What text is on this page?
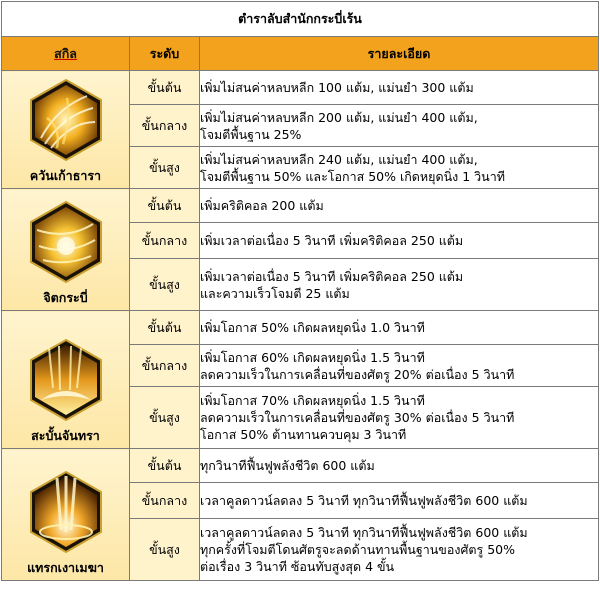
ตำราลับสำนักกระบี่เร้น		
สกิล	ระดับ	รายละเอียด

ควันเก้าธารา	ขั้นต้น	เพิ่มไม่สนค่าหลบหลีก 100 แต้ม, แม่นยำ 300 แต้ม

	ขั้นกลาง	เพิ่มไม่สนค่าหลบหลีก 200 แต้ม, แม่นยำ 400 แต้ม,
โจมตีพื้นฐาน 25%

	ขั้นสูง	เพิ่มไม่สนค่าหลบหลีก 240 แต้ม, แม่นยำ 400 แต้ม,
โจมตีพื้นฐาน 50% และโอกาส 50% เกิดหยุดนิ่ง 1 วินาที

จิตกระบี่	ขั้นต้น	เพิ่มคริติคอล 200 แต้ม

	ขั้นกลาง	เพิ่มเวลาต่อเนื่อง 5 วินาที เพิ่มคริติคอล 250 แต้ม

	ขั้นสูง	เพิ่มเวลาต่อเนื่อง 5 วินาที เพิ่มคริติคอล 250 แต้ม
และความเร็วโจมตี 25 แต้ม

สะบั้นจันทรา	ขั้นต้น	เพิ่มโอกาส 50% เกิดผลหยุดนิ่ง 1.0 วินาที

	ขั้นกลาง	เพิ่มโอกาส 60% เกิดผลหยุดนิ่ง 1.5 วินาที
ลดความเร็วในการเคลื่อนที่ของศัตรู 20% ต่อเนื่อง 5 วินาที

	ขั้นสูง	เพิ่มโอกาส 70% เกิดผลหยุดนิ่ง 1.5 วินาที
ลดความเร็วในการเคลื่อนที่ของศัตรู 30% ต่อเนื่อง 5 วินาที
โอกาส 50% ต้านทานควบคุม 3 วินาที

แทรกเงาเมฆา	ขั้นต้น	ทุกวินาทีฟื้นฟูพลังชีวิต 600 แต้ม

	ขั้นกลาง	เวลาคูลดาวน์ลดลง 5 วินาที ทุกวินาทีฟื้นฟูพลังชีวิต 600 แต้ม

	ขั้นสูง	เวลาคูลดาวน์ลดลง 5 วินาที ทุกวินาทีฟื้นฟูพลังชีวิต 600 แต้ม
ทุกครั้งที่โจมตีโดนศัตรูจะลดด้านทานพื้นฐานของศัตรู 50%
ต่อเรื่อง 3 วินาที ซ้อนทับสูงสุด 4 ขั้น
